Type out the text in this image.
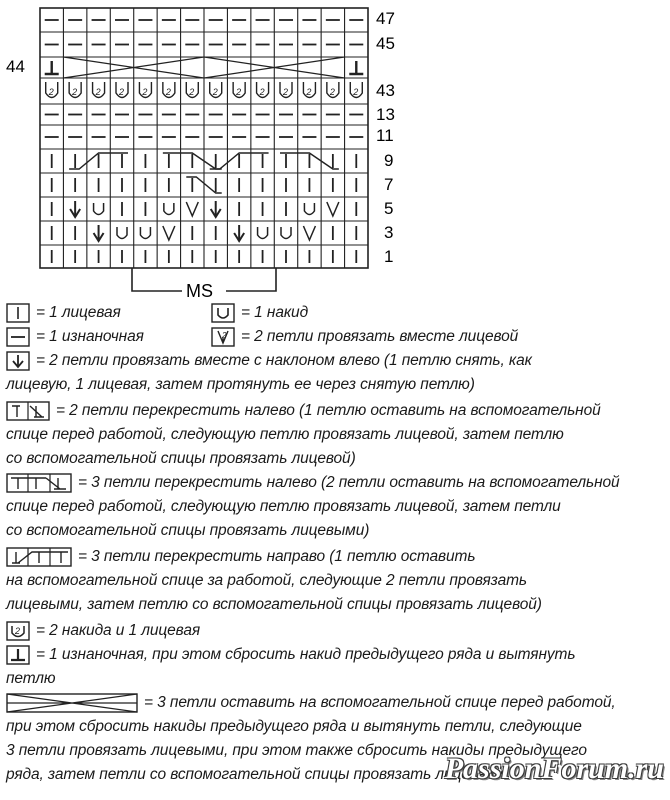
2 2 2 2 2 2 2 2 2 2 2 2 2 2
47
45
43
13
11
9
7
5
3
1
44
MS
= 1 лицевая	= 1 накид
= 1 изнаночная	2 = 2 петли провязать вместе лицевой
= 2 петли провязать вместе с наклоном влево (1 петлю снять, как
лицевую, 1 лицевая, затем протянуть ее через снятую петлю)
= 2 петли перекрестить налево (1 петлю оставить на вспомогательной
спице перед работой, следующую петлю провязать лицевой, затем петлю
со вспомогательной спицы провязать лицевой)
= 3 петли перекрестить налево (2 петли оставить на вспомогательной
спице перед работой, следующую петлю провязать лицевой, затем петли
со вспомогательной спицы провязать лицевыми)
= 3 петли перекрестить направо (1 петлю оставить
на вспомогательной спице за работой, следующие 2 петли провязать
лицевыми, затем петлю со вспомогательной спицы провязать лицевой)
2 = 2 накида и 1 лицевая
= 1 изнаночная, при этом сбросить накид предыдущего ряда и вытянуть
петлю
= 3 петли оставить на вспомогательной спице перед работой,
при этом сбросить накиды предыдущего ряда и вытянуть петли, следующие
3 петли провязать лицевыми, при этом также сбросить накиды предыдущего
ряда, затем петли со вспомогательной спицы провязать лицевыми
PassionForum.ru
